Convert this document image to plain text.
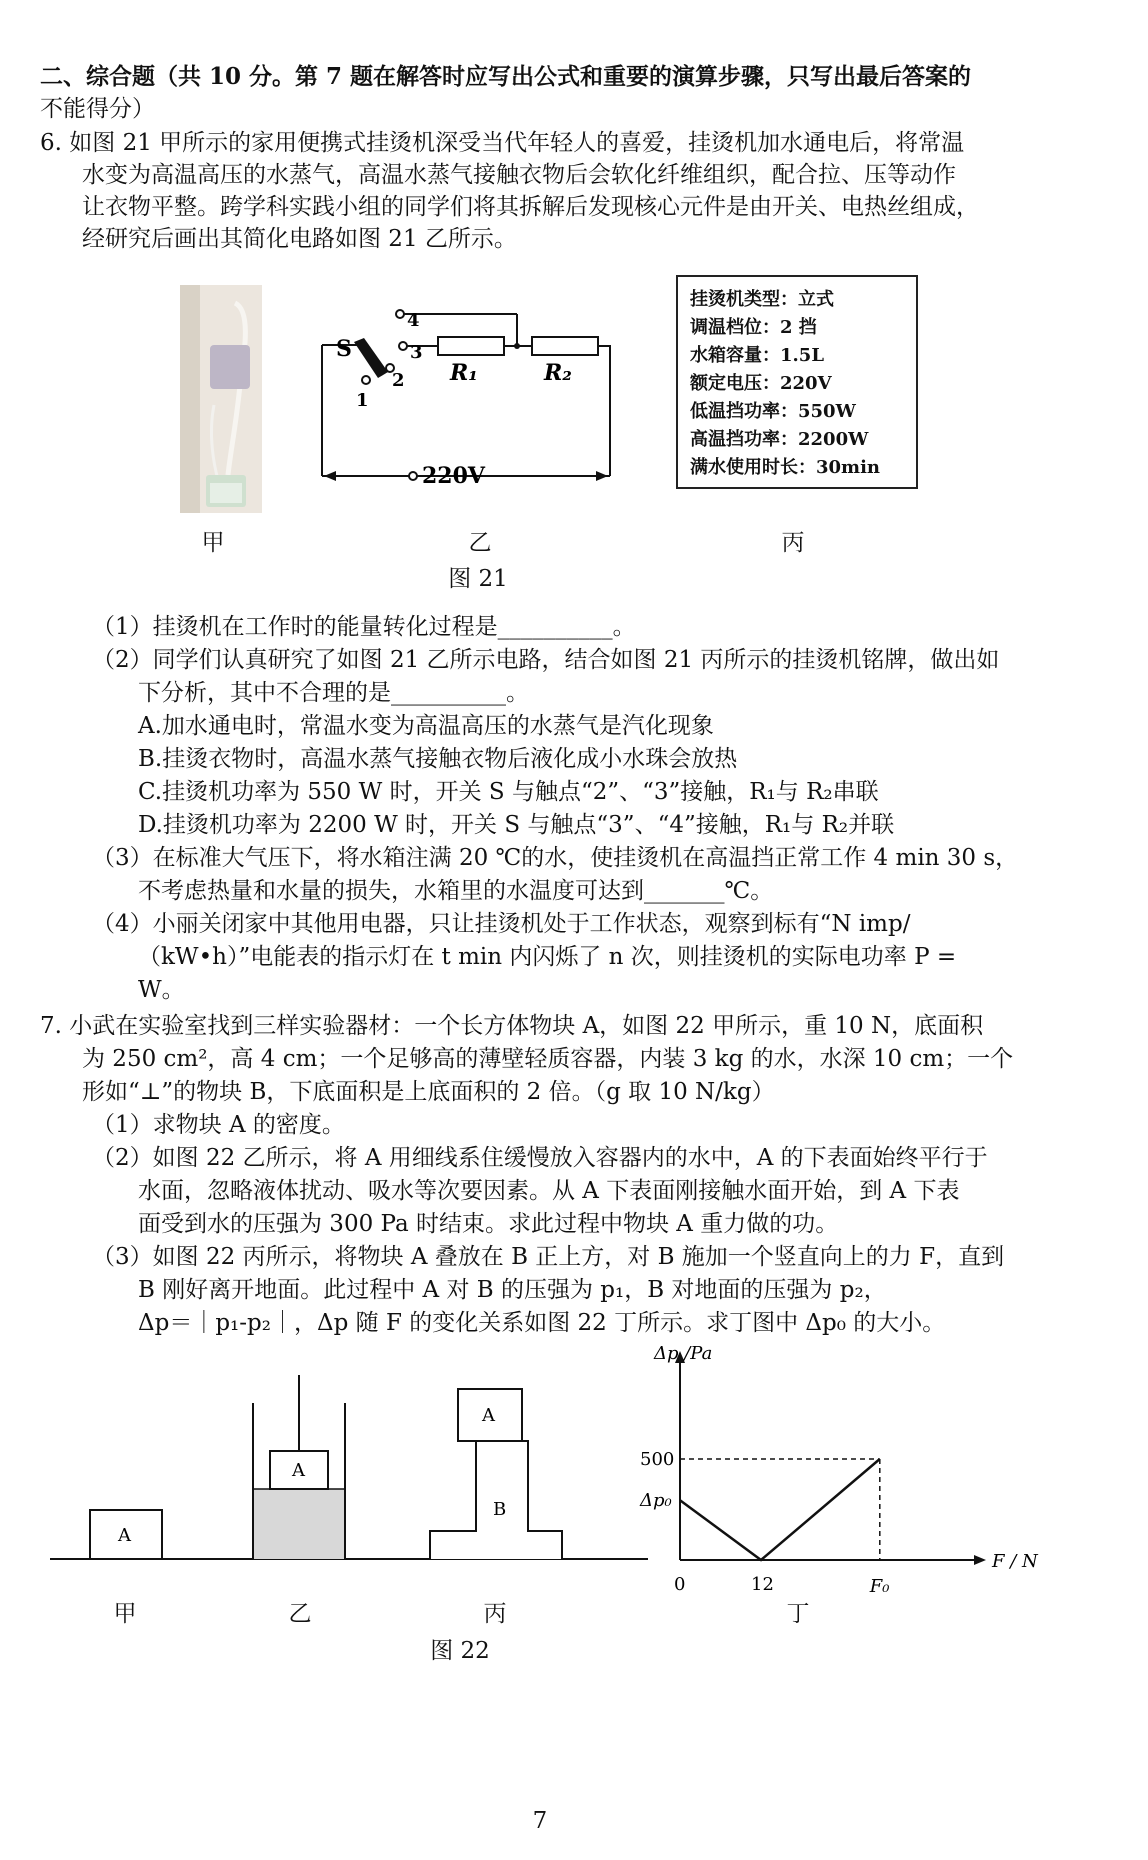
二、综合题（共 10 分。第 7 题在解答时应写出公式和重要的演算步骤，只写出最后答案的
不能得分）
6. 如图 21 甲所示的家用便携式挂烫机深受当代年轻人的喜爱，挂烫机加水通电后，将常温
水变为高温高压的水蒸气，高温水蒸气接触衣物后会软化纤维组织，配合拉、压等动作
让衣物平整。跨学科实践小组的同学们将其拆解后发现核心元件是由开关、电热丝组成，
经研究后画出其简化电路如图 21 乙所示。
S
1
2
3
4
R₁	R₂
220V
挂烫机类型：立式
调温档位：2 挡
水箱容量：1.5L
额定电压：220V
低温挡功率：550W
高温挡功率：2200W
满水使用时长：30min
甲	乙	丙
图 21
（1）挂烫机在工作时的能量转化过程是__________。
（2）同学们认真研究了如图 21 乙所示电路，结合如图 21 丙所示的挂烫机铭牌，做出如
下分析，其中不合理的是__________。
A.加水通电时，常温水变为高温高压的水蒸气是汽化现象
B.挂烫衣物时，高温水蒸气接触衣物后液化成小水珠会放热
C.挂烫机功率为 550 W 时，开关 S 与触点“2”、“3”接触，R₁与 R₂串联
D.挂烫机功率为 2200 W 时，开关 S 与触点“3”、“4”接触，R₁与 R₂并联
（3）在标准大气压下，将水箱注满 20 ℃的水，使挂烫机在高温挡正常工作 4 min 30 s，
不考虑热量和水量的损失，水箱里的水温度可达到_______℃。
（4）小丽关闭家中其他用电器，只让挂烫机处于工作状态，观察到标有“N imp/
（kW•h）”电能表的指示灯在 t min 内闪烁了 n 次，则挂烫机的实际电功率 P =
W。
7. 小武在实验室找到三样实验器材：一个长方体物块 A，如图 22 甲所示，重 10 N，底面积
为 250 cm²，高 4 cm；一个足够高的薄壁轻质容器，内装 3 kg 的水，水深 10 cm；一个
形如“⊥”的物块 B，下底面积是上底面积的 2 倍。（g 取 10 N/kg）
（1）求物块 A 的密度。
（2）如图 22 乙所示，将 A 用细线系住缓慢放入容器内的水中，A 的下表面始终平行于
水面，忽略液体扰动、吸水等次要因素。从 A 下表面刚接触水面开始，到 A 下表
面受到水的压强为 300 Pa 时结束。求此过程中物块 A 重力做的功。
（3）如图 22 丙所示，将物块 A 叠放在 B 正上方，对 B 施加一个竖直向上的力 F，直到
B 刚好离开地面。此过程中 A 对 B 的压强为 p₁，B 对地面的压强为 p₂，
Δp＝｜p₁-p₂｜，Δp 随 F 的变化关系如图 22 丁所示。求丁图中 Δp₀ 的大小。
A
A
A
B
Δp /Pa
F / N
0	12	F₀
500
Δp₀
甲	乙	丙	丁
图 22
7
